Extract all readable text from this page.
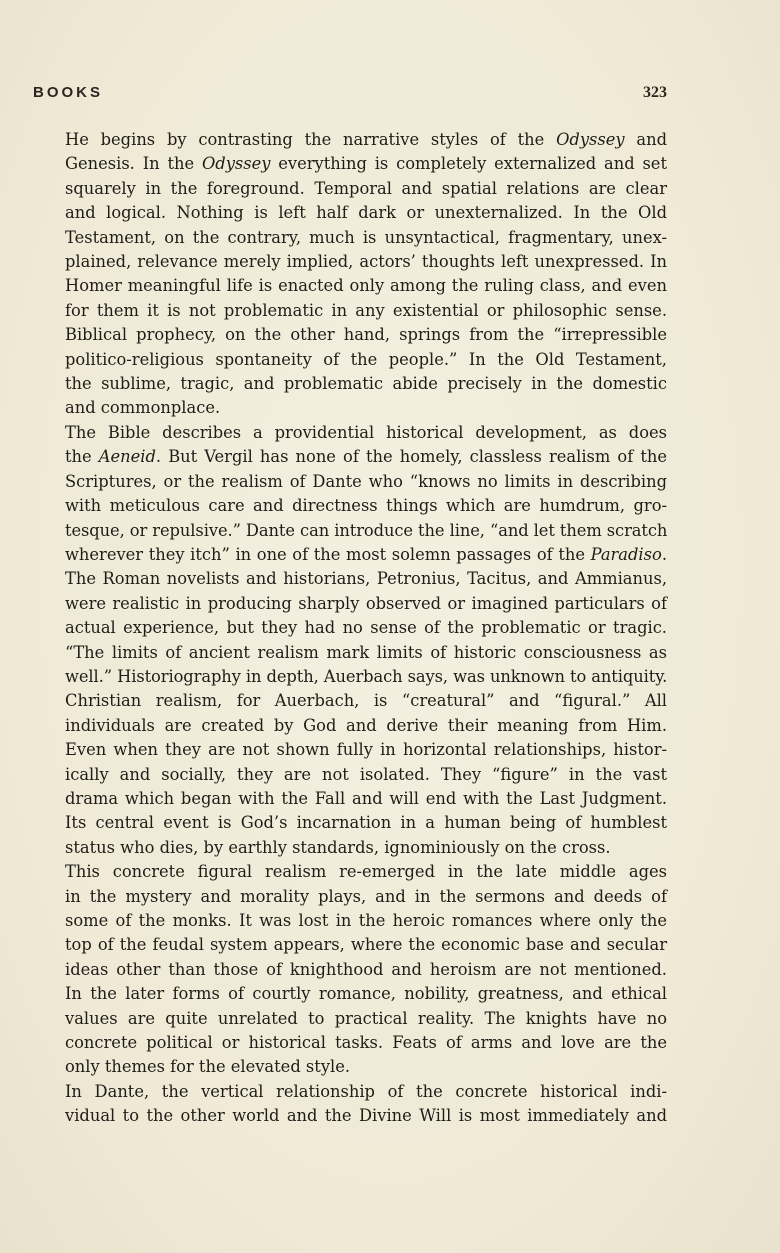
BOOKS	323

He begins by contrasting the narrative styles of the Odyssey and
Genesis. In the Odyssey everything is completely externalized and set
squarely in the foreground. Temporal and spatial relations are clear
and logical. Nothing is left half dark or unexternalized. In the Old
Testament, on the contrary, much is unsyntactical, fragmentary, unex-
plained, relevance merely implied, actors’ thoughts left unexpressed. In
Homer meaningful life is enacted only among the ruling class, and even
for them it is not problematic in any existential or philosophic sense.
Biblical prophecy, on the other hand, springs from the “irrepressible
politico-religious spontaneity of the people.” In the Old Testament,
the sublime, tragic, and problematic abide precisely in the domestic
and commonplace.

The Bible describes a providential historical development, as does
the Aeneid. But Vergil has none of the homely, classless realism of the
Scriptures, or the realism of Dante who “knows no limits in describing
with meticulous care and directness things which are humdrum, gro-
tesque, or repulsive.” Dante can introduce the line, “and let them scratch
wherever they itch” in one of the most solemn passages of the Paradiso.
The Roman novelists and historians, Petronius, Tacitus, and Ammianus,
were realistic in producing sharply observed or imagined particulars of
actual experience, but they had no sense of the problematic or tragic.
“The limits of ancient realism mark limits of historic consciousness as
well.” Historiography in depth, Auerbach says, was unknown to antiquity.

Christian realism, for Auerbach, is “creatural” and “figural.” All
individuals are created by God and derive their meaning from Him.
Even when they are not shown fully in horizontal relationships, histor-
ically and socially, they are not isolated. They “figure” in the vast
drama which began with the Fall and will end with the Last Judgment.
Its central event is God’s incarnation in a human being of humblest
status who dies, by earthly standards, ignominiously on the cross.

This concrete figural realism re-emerged in the late middle ages
in the mystery and morality plays, and in the sermons and deeds of
some of the monks. It was lost in the heroic romances where only the
top of the feudal system appears, where the economic base and secular
ideas other than those of knighthood and heroism are not mentioned.
In the later forms of courtly romance, nobility, greatness, and ethical
values are quite unrelated to practical reality. The knights have no
concrete political or historical tasks. Feats of arms and love are the
only themes for the elevated style.

In Dante, the vertical relationship of the concrete historical indi-
vidual to the other world and the Divine Will is most immediately and
